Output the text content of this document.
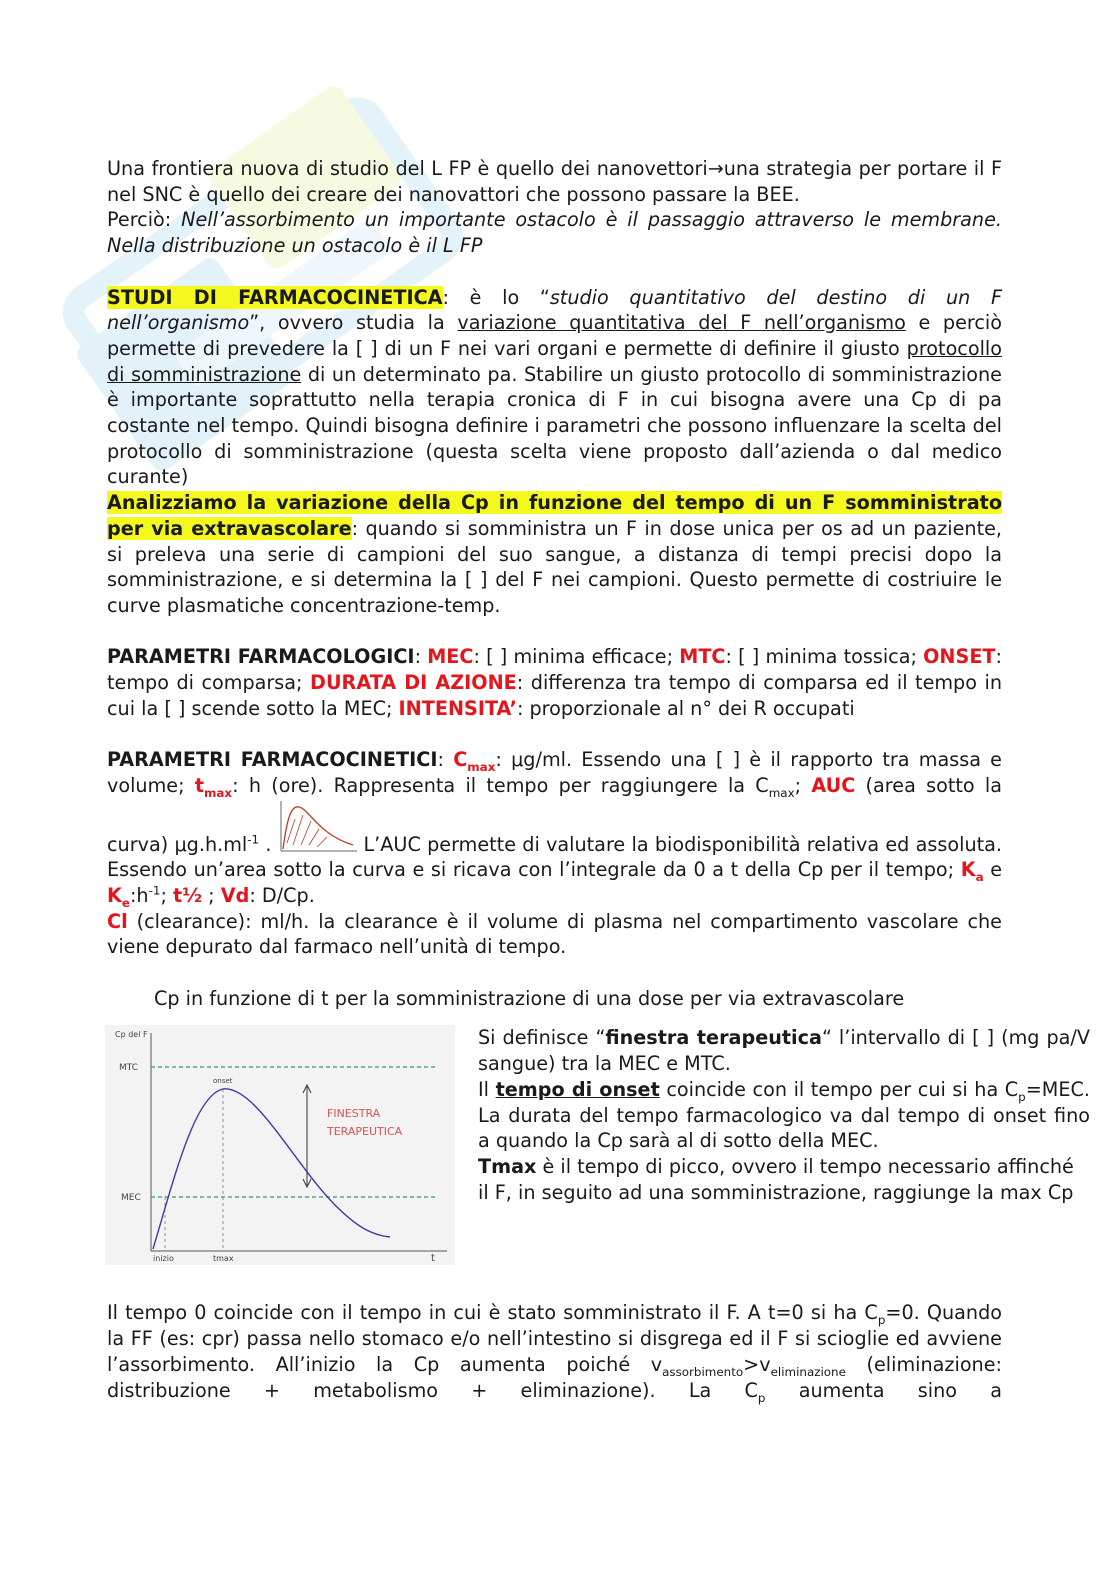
Una frontiera nuova di studio del L FP è quello dei nanovettori→una strategia per portare il F nel SNC è quello dei creare dei nanovattori che possono passare la BEE.

Perciò: Nell’assorbimento un importante ostacolo è il passaggio attraverso le membrane. Nella distribuzione un ostacolo è il L FP

STUDI DI FARMACOCINETICA: è lo “studio quantitativo del destino di un F nell’organismo”, ovvero studia la variazione quantitativa del F nell’organismo e perciò permette di prevedere la [ ] di un F nei vari organi e permette di definire il giusto protocollo di somministrazione di un determinato pa. Stabilire un giusto protocollo di somministrazione è importante soprattutto nella terapia cronica di F in cui bisogna avere una Cp di pa costante nel tempo. Quindi bisogna definire i parametri che possono influenzare la scelta del protocollo di somministrazione (questa scelta viene proposto dall’azienda o dal medico curante)

Analizziamo la variazione della Cp in funzione del tempo di un F somministrato per via extravascolare: quando si somministra un F in dose unica per os ad un paziente, si preleva una serie di campioni del suo sangue, a distanza di tempi precisi dopo la somministrazione, e si determina la [ ] del F nei campioni. Questo permette di costriuire le curve plasmatiche concentrazione-temp.

PARAMETRI FARMACOLOGICI: MEC: [ ] minima efficace; MTC: [ ] minima tossica; ONSET: tempo di comparsa; DURATA DI AZIONE: differenza tra tempo di comparsa ed il tempo in cui la [ ] scende sotto la MEC; INTENSITA’: proporzionale al n° dei R occupati

PARAMETRI FARMACOCINETICI: $C_{max}$: μg/ml. Essendo una [ ] è il rapporto tra massa e volume; $t_{max}$: h (ore). Rappresenta il tempo per raggiungere la $C_{max}$; AUC (area sotto la curva) $\mu g.h.ml^{-1}$ .	L’AUC permette di valutare la biodisponibilità relativa ed assoluta. Essendo un’area sotto la curva e si ricava con l’integrale da 0 a t della Cp per il tempo; $K_a$ e $K_e:h^{-1}$; t½ ; Vd: D/Cp.

Cl (clearance): ml/h. la clearance è il volume di plasma nel compartimento vascolare che viene depurato dal farmaco nell’unità di tempo.

Cp in funzione di t per la somministrazione di una dose per via extravascolare

Cp del F
MTC
MEC
onset
FINESTRA
TERAPEUTICA
inizio	tmax	t

Si definisce “finestra terapeutica“ l’intervallo di [ ] (mg pa/V sangue) tra la MEC e MTC.

Il tempo di onset coincide con il tempo per cui si ha $C_p=MEC$. La durata del tempo farmacologico va dal tempo di onset fino a quando la Cp sarà al di sotto della MEC.

Tmax è il tempo di picco, ovvero il tempo necessario affinché il F, in seguito ad una somministrazione, raggiunge la max Cp

Il tempo 0 coincide con il tempo in cui è stato somministrato il F. A t=0 si ha $C_p=0$. Quando la FF (es: cpr) passa nello stomaco e/o nell’intestino si disgrega ed il F si scioglie ed avviene l’assorbimento. All’inizio la Cp aumenta poiché $v_{assorbimento}>v_{eliminazione}$ (eliminazione: distribuzione + metabolismo + eliminazione). La $C_p$ aumenta sino a
